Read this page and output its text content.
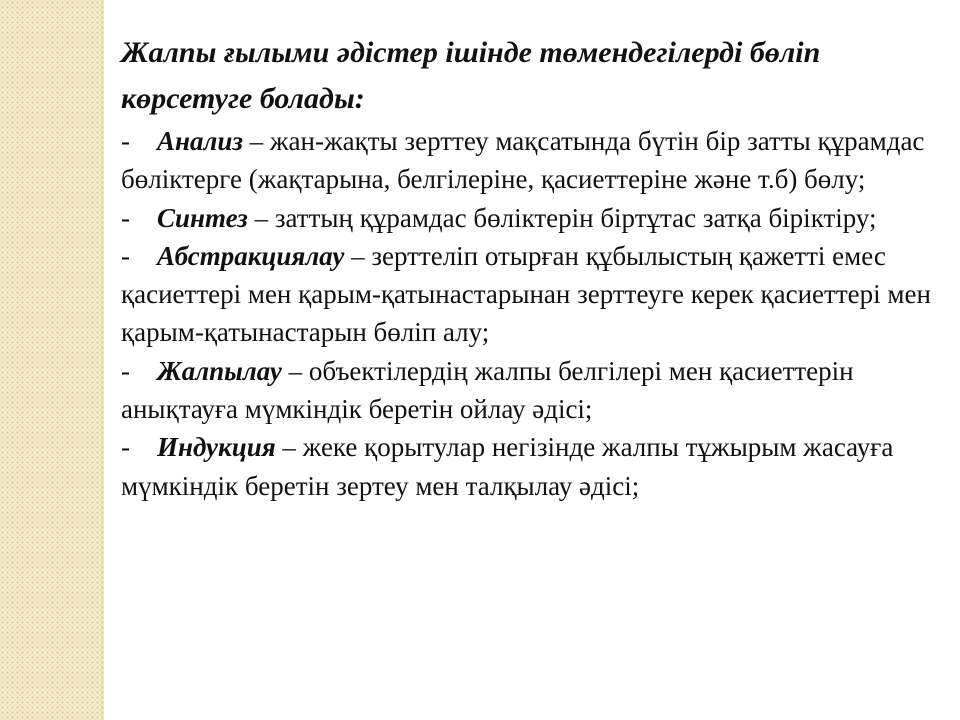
Жалпы ғылыми әдістер ішінде төмендегілерді бөліп көрсетуге болады:

- Анализ – жан-жақты зерттеу мақсатында бүтін бір затты құрамдас бөліктерге (жақтарына, белгілеріне, қасиеттеріне және т.б) бөлу;

- Синтез – заттың құрамдас бөліктерін біртұтас затқа біріктіру;

- Абстракциялау – зерттеліп отырған құбылыстың қажетті емес қасиеттері мен қарым-қатынастарынан зерттеуге керек қасиеттері мен қарым-қатынастарын бөліп алу;

- Жалпылау – объектілердің жалпы белгілері мен қасиеттерін анықтауға мүмкіндік беретін ойлау әдісі;

- Индукция – жеке қорытулар негізінде жалпы тұжырым жасауға мүмкіндік беретін зертеу мен талқылау әдісі;
